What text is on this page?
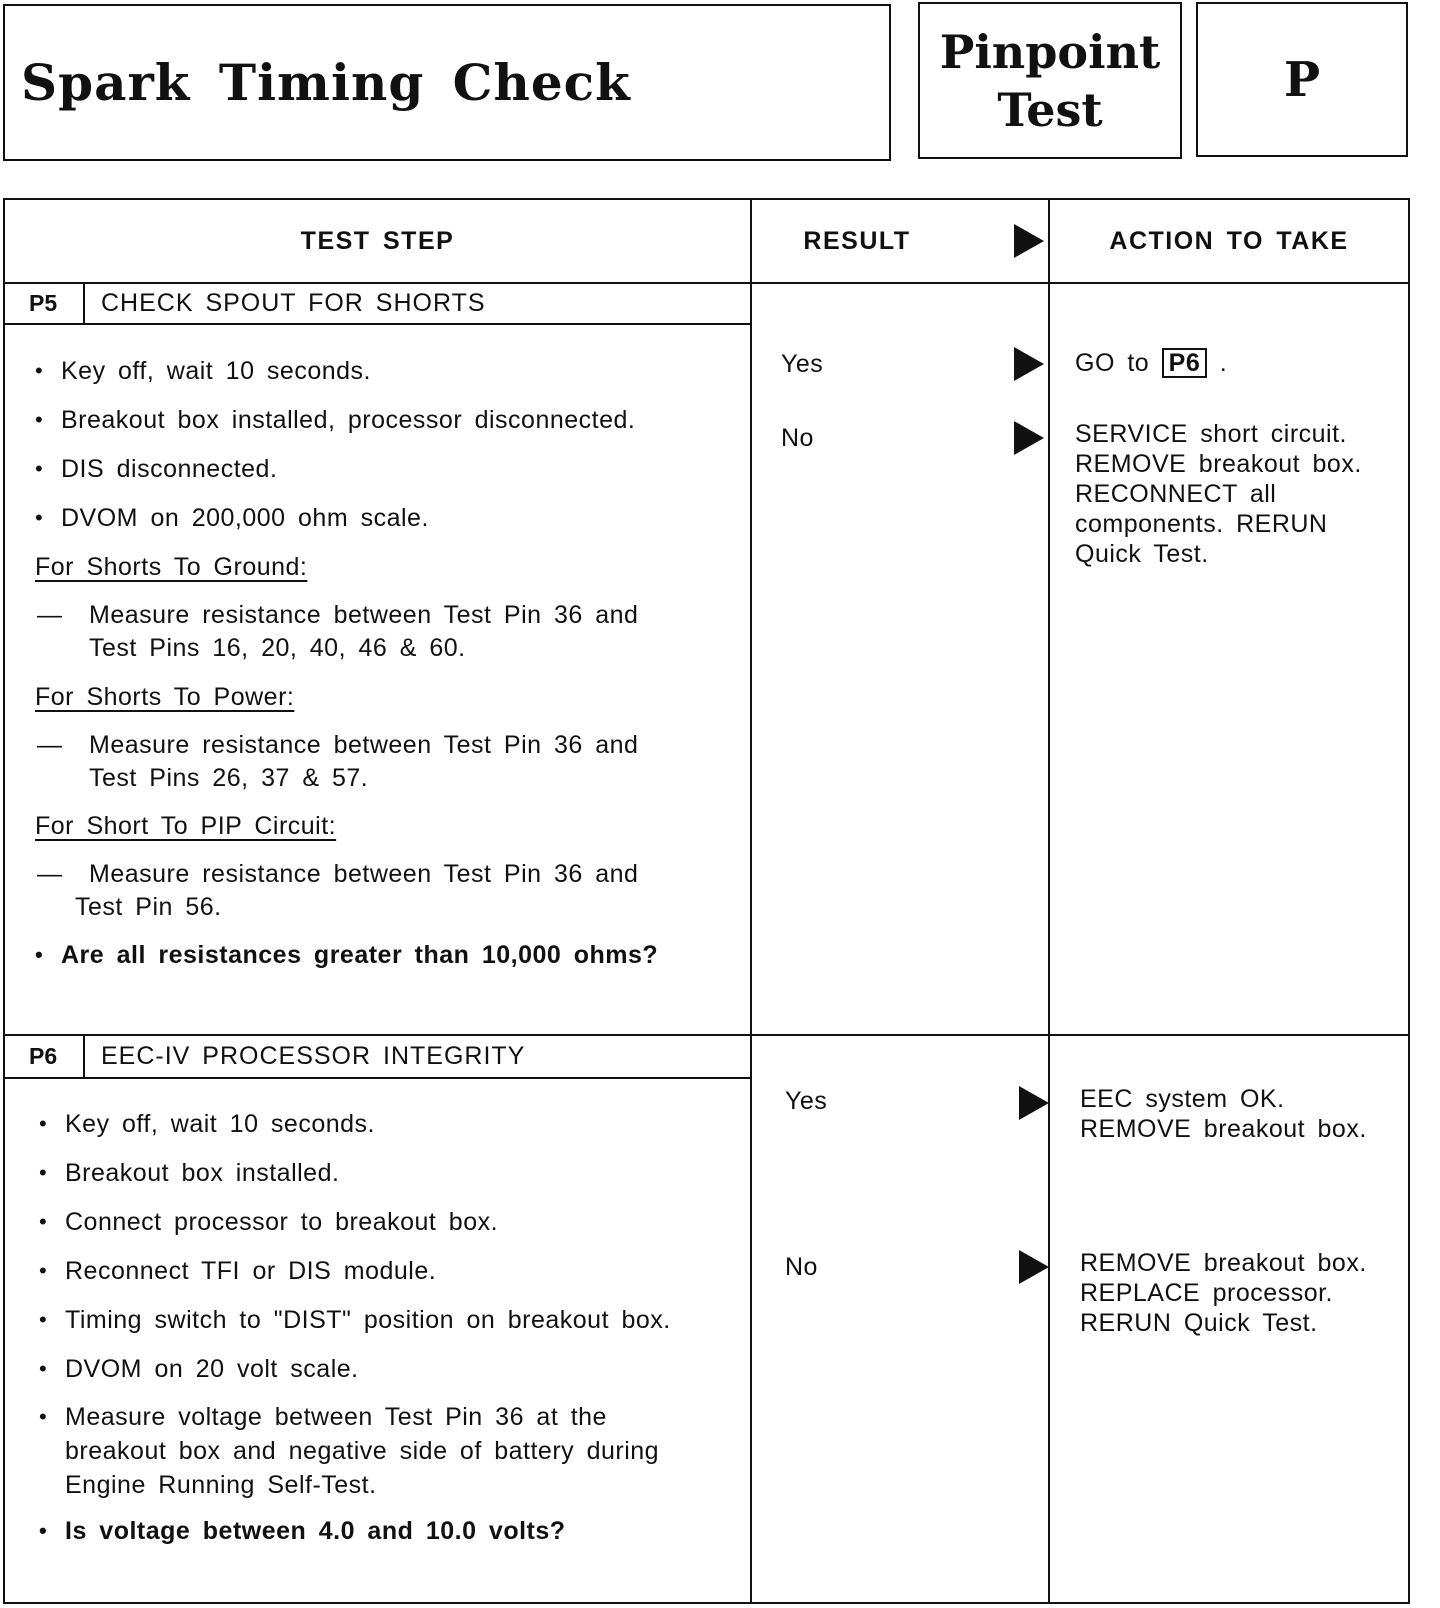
Spark Timing Check
Pinpoint
Test
P
TEST STEP	RESULT	ACTION TO TAKE
P5	CHECK SPOUT FOR SHORTS
• Key off, wait 10 seconds.
• Breakout box installed, processor disconnected.
• DIS disconnected.
• DVOM on 200,000 ohm scale.
For Shorts To Ground:
— Measure resistance between Test Pin 36 and
Test Pins 16, 20, 40, 46 & 60.
For Shorts To Power:
— Measure resistance between Test Pin 36 and
Test Pins 26, 37 & 57.
For Short To PIP Circuit:
— Measure resistance between Test Pin 36 and
Test Pin 56.
• Are all resistances greater than 10,000 ohms?
Yes	GO to P6 .
No	SERVICE short circuit.
REMOVE breakout box.
RECONNECT all
components. RERUN
Quick Test.
P6	EEC-IV PROCESSOR INTEGRITY
• Key off, wait 10 seconds.
• Breakout box installed.
• Connect processor to breakout box.
• Reconnect TFI or DIS module.
• Timing switch to "DIST" position on breakout box.
• DVOM on 20 volt scale.
• Measure voltage between Test Pin 36 at the
breakout box and negative side of battery during
Engine Running Self-Test.
• Is voltage between 4.0 and 10.0 volts?
Yes	EEC system OK.
REMOVE breakout box.
No	REMOVE breakout box.
REPLACE processor.
RERUN Quick Test.
